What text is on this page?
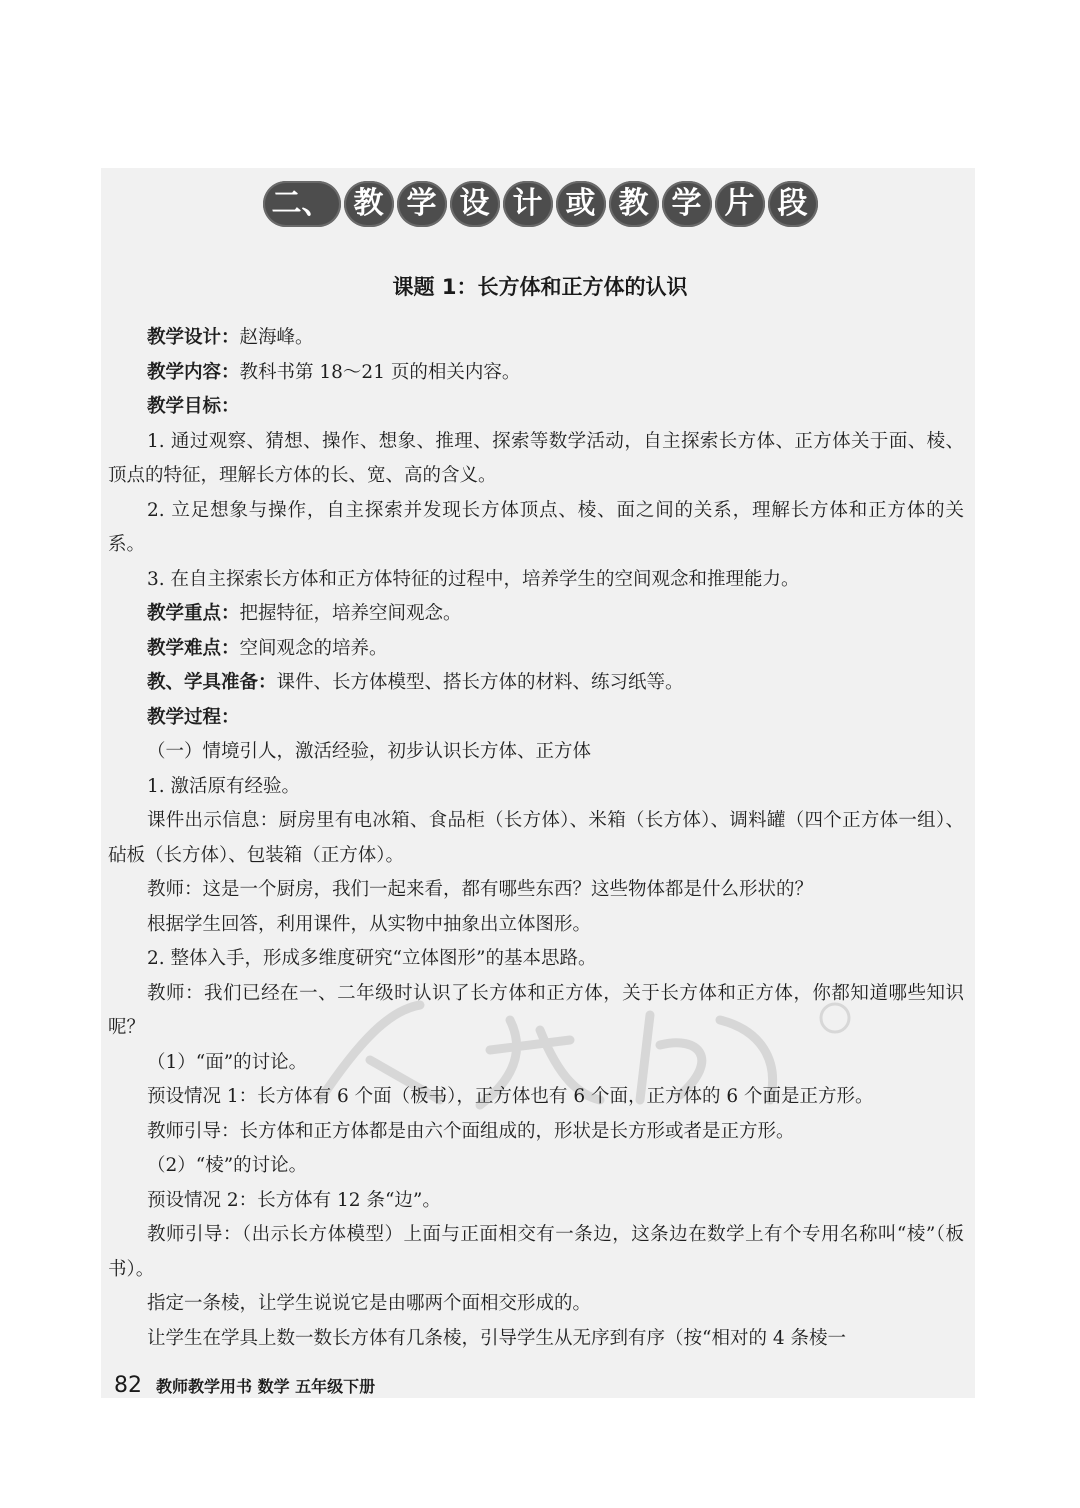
二、 教 学 设 计 或 教 学 片 段
课题 1：长方体和正方体的认识

教学设计：赵海峰。

教学内容：教科书第 18～21 页的相关内容。

教学目标：

1. 通过观察、猜想、操作、想象、推理、探索等数学活动，自主探索长方体、正方体关于面、棱、顶点的特征，理解长方体的长、宽、高的含义。

2. 立足想象与操作，自主探索并发现长方体顶点、棱、面之间的关系，理解长方体和正方体的关系。

3. 在自主探索长方体和正方体特征的过程中，培养学生的空间观念和推理能力。

教学重点：把握特征，培养空间观念。

教学难点：空间观念的培养。

教、学具准备：课件、长方体模型、搭长方体的材料、练习纸等。

教学过程：

（一）情境引人，激活经验，初步认识长方体、正方体

1. 激活原有经验。

课件出示信息：厨房里有电冰箱、食品柜（长方体）、米箱（长方体）、调料罐（四个正方体一组）、砧板（长方体）、包装箱（正方体）。

教师：这是一个厨房，我们一起来看，都有哪些东西？这些物体都是什么形状的？

根据学生回答，利用课件，从实物中抽象出立体图形。

2. 整体入手，形成多维度研究“立体图形”的基本思路。

教师：我们已经在一、二年级时认识了长方体和正方体，关于长方体和正方体，你都知道哪些知识呢？

（1）“面”的讨论。

预设情况 1：长方体有 6 个面（板书），正方体也有 6 个面，正方体的 6 个面是正方形。

教师引导：长方体和正方体都是由六个面组成的，形状是长方形或者是正方形。

（2）“棱”的讨论。

预设情况 2：长方体有 12 条“边”。

教师引导：（出示长方体模型）上面与正面相交有一条边，这条边在数学上有个专用名称叫“棱”（板书）。

指定一条棱，让学生说说它是由哪两个面相交形成的。

让学生在学具上数一数长方体有几条棱，引导学生从无序到有序（按“相对的 4 条棱一

82 教师教学用书 数学 五年级下册
